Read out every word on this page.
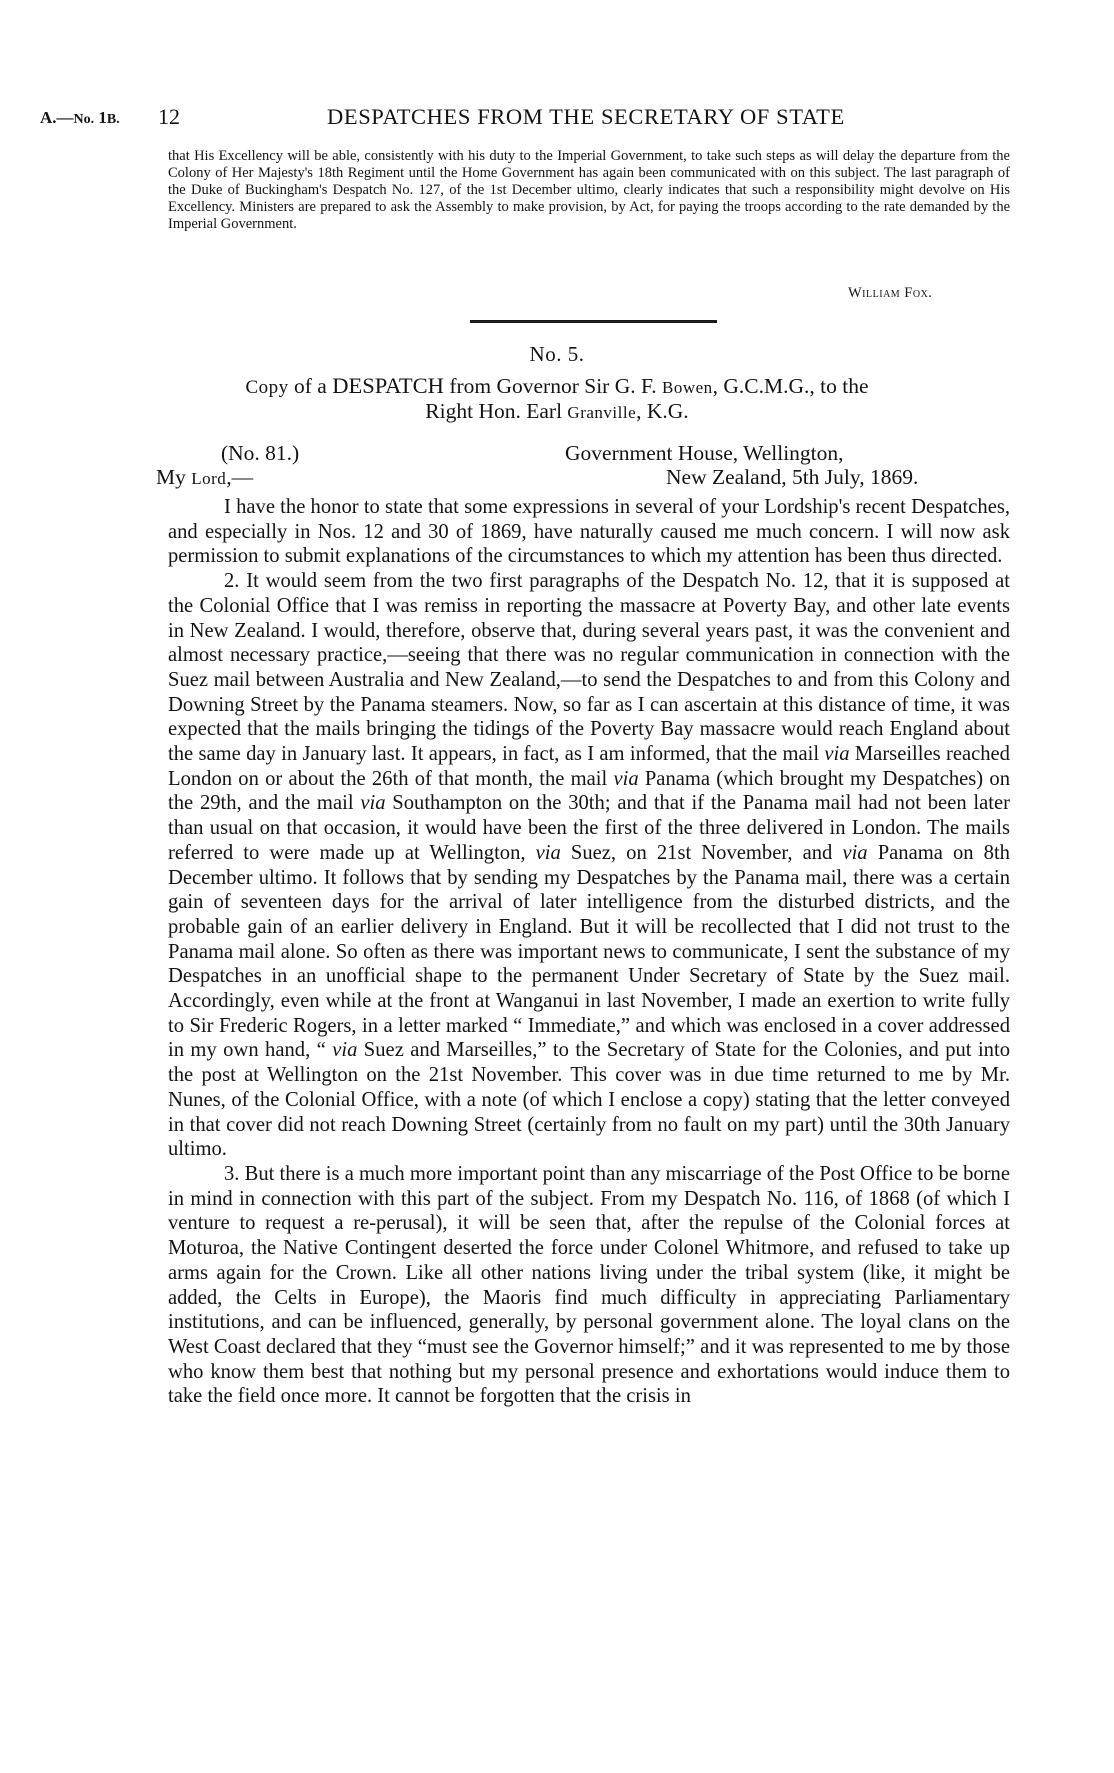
A.—No. 1B. 12	DESPATCHES FROM THE SECRETARY OF STATE

that His Excellency will be able, consistently with his duty to the Imperial Government, to take such steps as will delay the departure from the Colony of Her Majesty's 18th Regiment until the Home Government has again been communicated with on this subject. The last paragraph of the Duke of Buckingham's Despatch No. 127, of the 1st December ultimo, clearly indicates that such a responsibility might devolve on His Excellency. Ministers are prepared to ask the Assembly to make provision, by Act, for paying the troops according to the rate demanded by the Imperial Government.

William Fox.
No. 5.
Copy of a DESPATCH from Governor Sir G. F. Bowen, G.C.M.G., to the
Right Hon. Earl Granville, K.G.
(No. 81.)	Government House, Wellington,
My Lord,—	New Zealand, 5th July, 1869.

I have the honor to state that some expressions in several of your Lordship's recent Despatches, and especially in Nos. 12 and 30 of 1869, have naturally caused me much concern. I will now ask permission to submit explanations of the circumstances to which my attention has been thus directed.

2. It would seem from the two first paragraphs of the Despatch No. 12, that it is supposed at the Colonial Office that I was remiss in reporting the massacre at Poverty Bay, and other late events in New Zealand. I would, therefore, observe that, during several years past, it was the convenient and almost necessary practice,—seeing that there was no regular communication in connection with the Suez mail between Australia and New Zealand,—to send the Despatches to and from this Colony and Downing Street by the Panama steamers. Now, so far as I can ascertain at this distance of time, it was expected that the mails bringing the tidings of the Poverty Bay massacre would reach England about the same day in January last. It appears, in fact, as I am informed, that the mail via Marseilles reached London on or about the 26th of that month, the mail via Panama (which brought my Despatches) on the 29th, and the mail via Southampton on the 30th; and that if the Panama mail had not been later than usual on that occasion, it would have been the first of the three delivered in London. The mails referred to were made up at Wellington, via Suez, on 21st November, and via Panama on 8th December ultimo. It follows that by sending my Despatches by the Panama mail, there was a certain gain of seventeen days for the arrival of later intelligence from the disturbed districts, and the probable gain of an earlier delivery in England. But it will be recollected that I did not trust to the Panama mail alone. So often as there was important news to communicate, I sent the substance of my Despatches in an unofficial shape to the permanent Under Secretary of State by the Suez mail. Accordingly, even while at the front at Wanganui in last November, I made an exertion to write fully to Sir Frederic Rogers, in a letter marked “ Immediate,” and which was enclosed in a cover addressed in my own hand, “ via Suez and Marseilles,” to the Secretary of State for the Colonies, and put into the post at Wellington on the 21st November. This cover was in due time returned to me by Mr. Nunes, of the Colonial Office, with a note (of which I enclose a copy) stating that the letter conveyed in that cover did not reach Downing Street (certainly from no fault on my part) until the 30th January ultimo.

3. But there is a much more important point than any miscarriage of the Post Office to be borne in mind in connection with this part of the subject. From my Despatch No. 116, of 1868 (of which I venture to request a re-perusal), it will be seen that, after the repulse of the Colonial forces at Moturoa, the Native Contingent deserted the force under Colonel Whitmore, and refused to take up arms again for the Crown. Like all other nations living under the tribal system (like, it might be added, the Celts in Europe), the Maoris find much difficulty in appreciating Parliamentary institutions, and can be influenced, generally, by personal government alone. The loyal clans on the West Coast declared that they “must see the Governor himself;” and it was represented to me by those who know them best that nothing but my personal presence and exhortations would induce them to take the field once more. It cannot be forgotten that the crisis in
